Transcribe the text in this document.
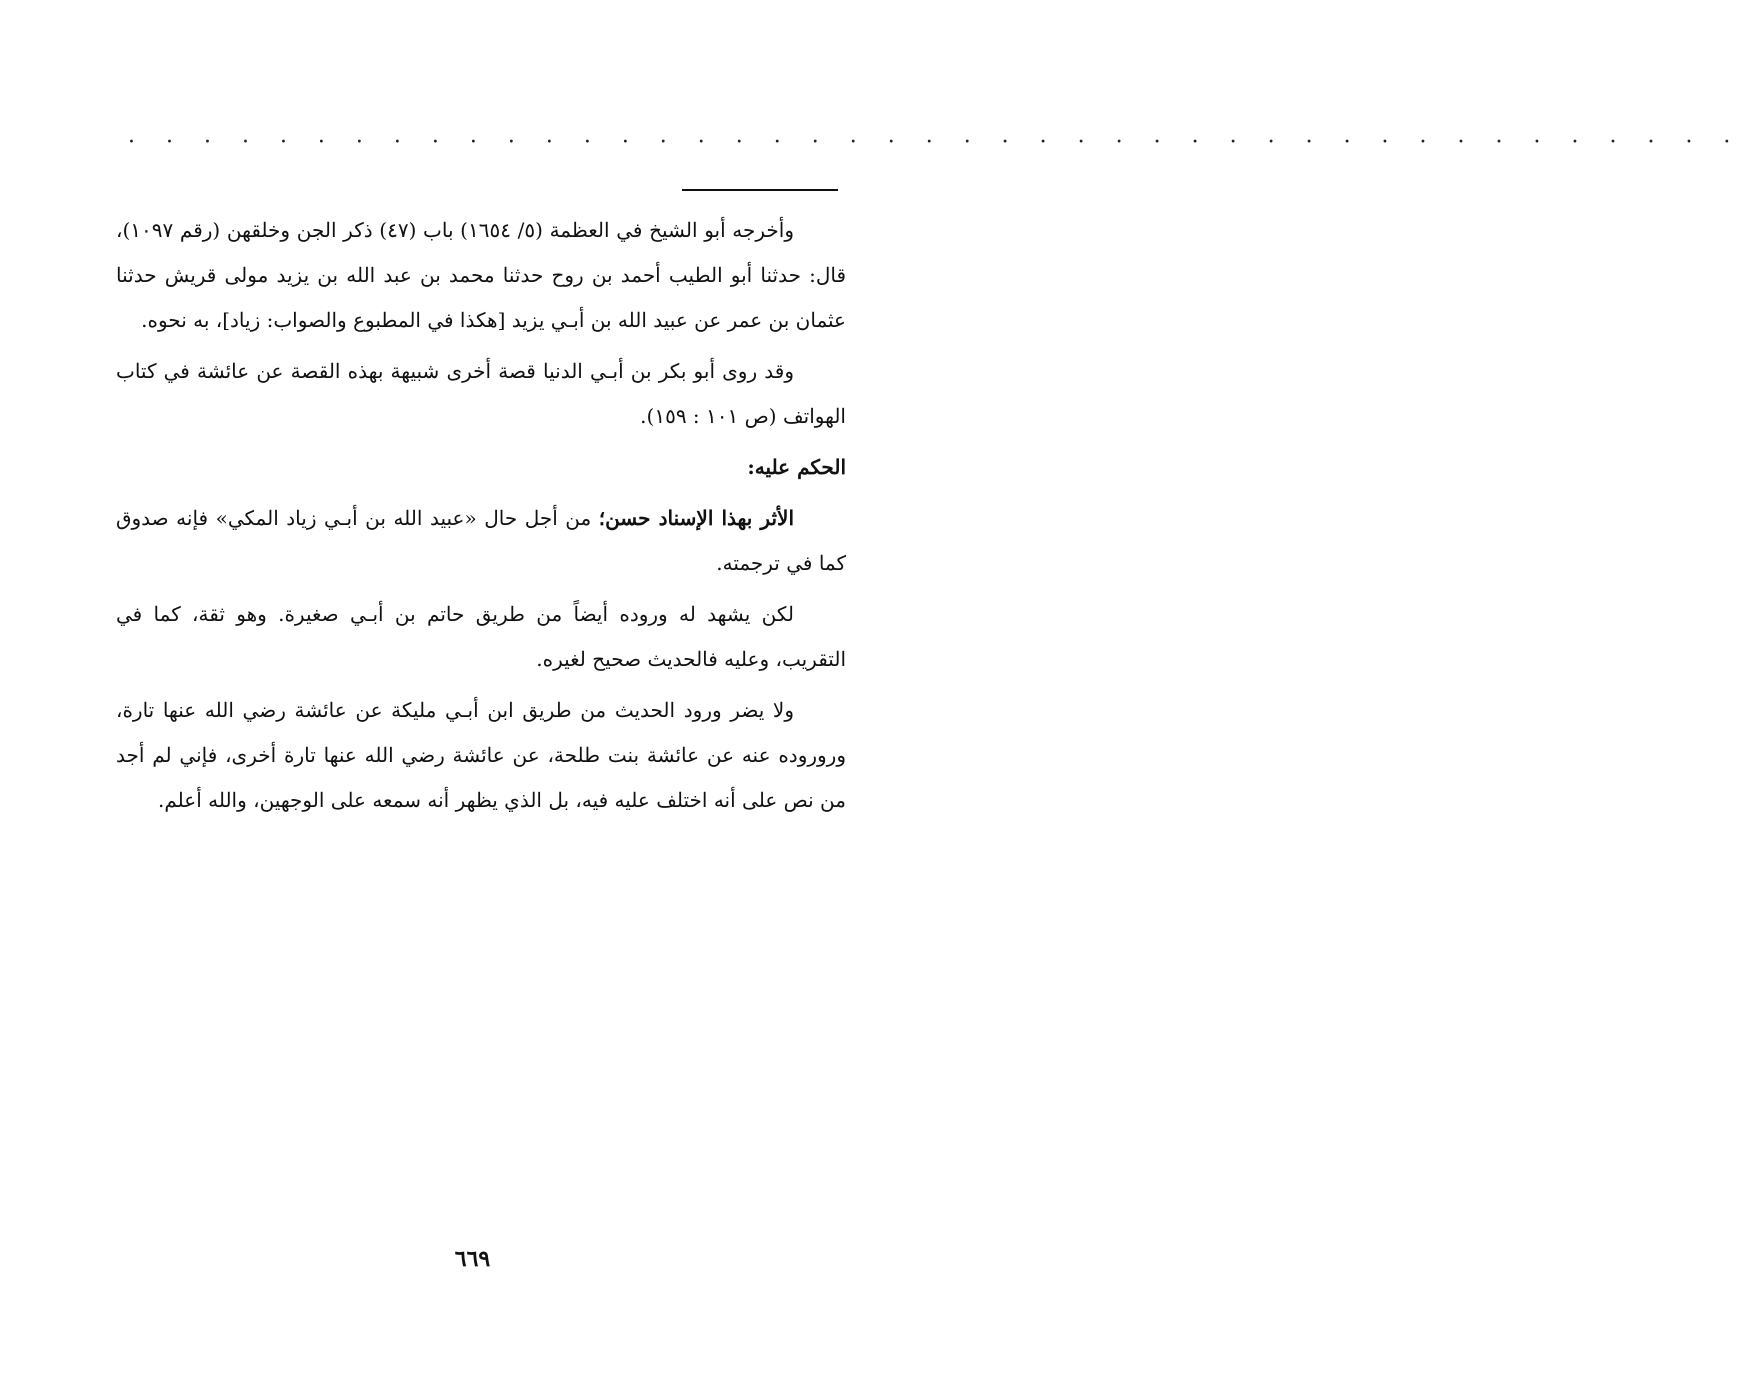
· · · · · · · · · · · · · · · · · · · · · · · · · · · · · · · · · · · · · · · · · · ·

وأخرجه أبو الشيخ في العظمة (٥/ ١٦٥٤) باب (٤٧) ذكر الجن وخلقهن (رقم ١٠٩٧)، قال: حدثنا أبو الطيب أحمد بن روح حدثنا محمد بن عبد الله بن يزيد مولى قريش حدثنا عثمان بن عمر عن عبيد الله بن أبـي يزيد [هكذا في المطبوع والصواب: زياد]، به نحوه.

وقد روى أبو بكر بن أبـي الدنيا قصة أخرى شبيهة بهذه القصة عن عائشة في كتاب الهواتف (ص ١٠١ : ١٥٩).

الحكم عليه:

الأثر بهذا الإسناد حسن؛ من أجل حال «عبيد الله بن أبـي زياد المكي» فإنه صدوق كما في ترجمته.

لكن يشهد له وروده أيضاً من طريق حاتم بن أبـي صغيرة. وهو ثقة، كما في التقريب، وعليه فالحديث صحيح لغيره.

ولا يضر ورود الحديث من طريق ابن أبـي مليكة عن عائشة رضي الله عنها تارة، وروروده عنه عن عائشة بنت طلحة، عن عائشة رضي الله عنها تارة أخرى، فإني لم أجد من نص على أنه اختلف عليه فيه، بل الذي يظهر أنه سمعه على الوجهين، والله أعلم.

٦٦٩
